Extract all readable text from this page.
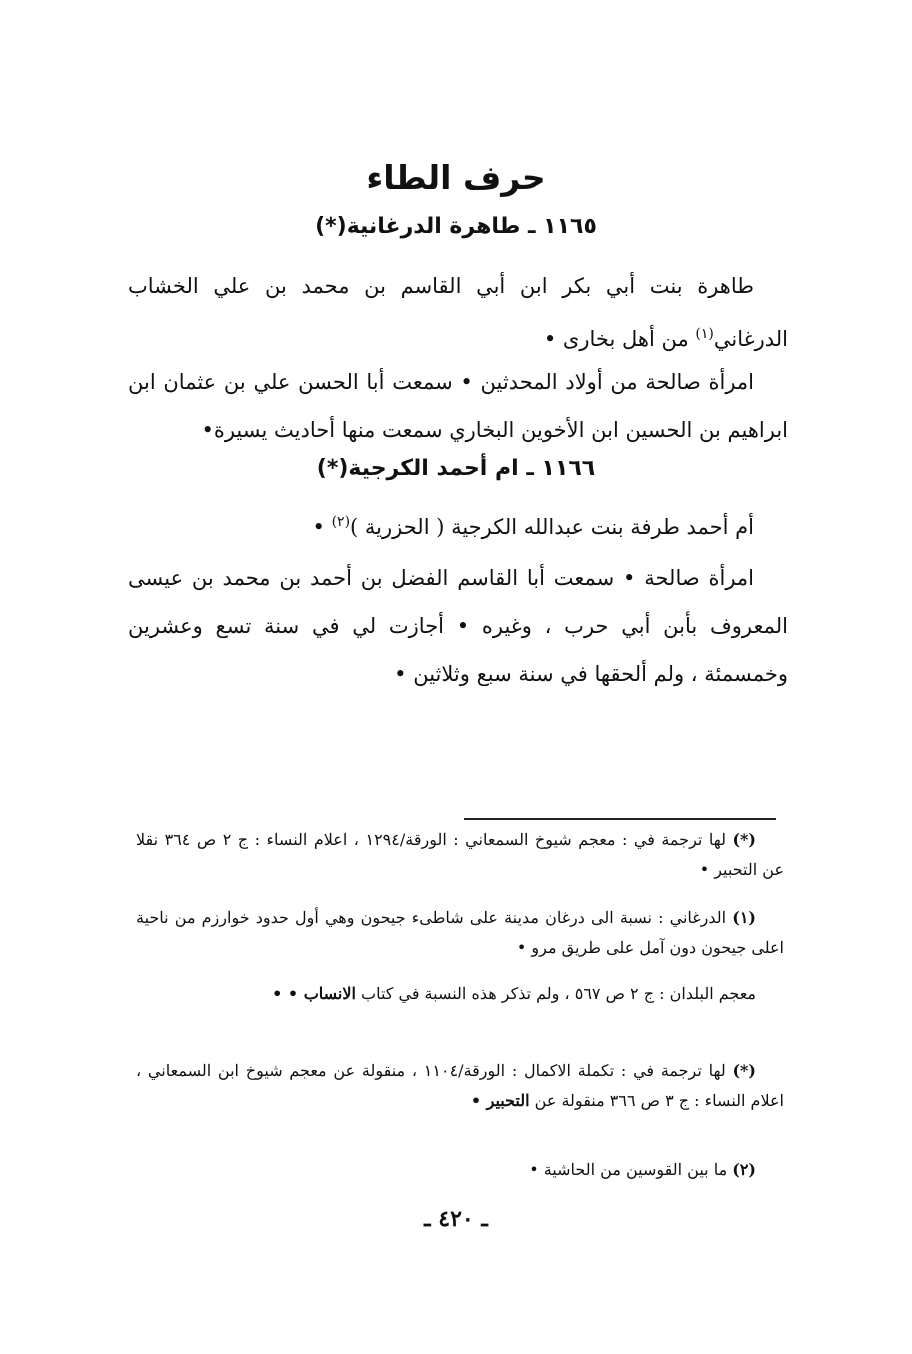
حرف الطاء
١١٦٥ ـ طاهرة الدرغانية(*)

طاهرة بنت أبي بكر ابن أبي القاسم بن محمد بن علي الخشاب الدرغاني$^{(١)}$ من أهل بخارى •

امرأة صالحة من أولاد المحدثين • سمعت أبا الحسن علي بن عثمان ابن ابراهيم بن الحسين ابن الأخوين البخاري سمعت منها أحاديث يسيرة•

١١٦٦ ـ ام أحمد الكرجية(*)

أم أحمد طرفة بنت عبدالله الكرجية ( الحزرية )$^{(٢)}$ •

امرأة صالحة • سمعت أبا القاسم الفضل بن أحمد بن محمد بن عيسى المعروف بأبن أبي حرب ، وغيره • أجازت لي في سنة تسع وعشرين وخمسمئة ، ولم ألحقها في سنة سبع وثلاثين •

(*) لها ترجمة في : معجم شيوخ السمعاني : الورقة/١٢٩٤ ، اعلام النساء : ج ٢ ص ٣٦٤ نقلا عن التحبير •

(١) الدرغاني : نسبة الى درغان مدينة على شاطىء جيحون وهي أول حدود خوارزم من ناحية اعلى جيحون دون آمل على طريق مرو •

معجم البلدان : ج ٢ ص ٥٦٧ ، ولم تذكر هذه النسبة في كتاب الانساب • •

(*) لها ترجمة في : تكملة الاكمال : الورقة/١١٠٤ ، منقولة عن معجم شيوخ ابن السمعاني ، اعلام النساء : ج ٣ ص ٣٦٦ منقولة عن التحبير •

(٢) ما بين القوسين من الحاشية •

ـ ٤٢٠ ـ
